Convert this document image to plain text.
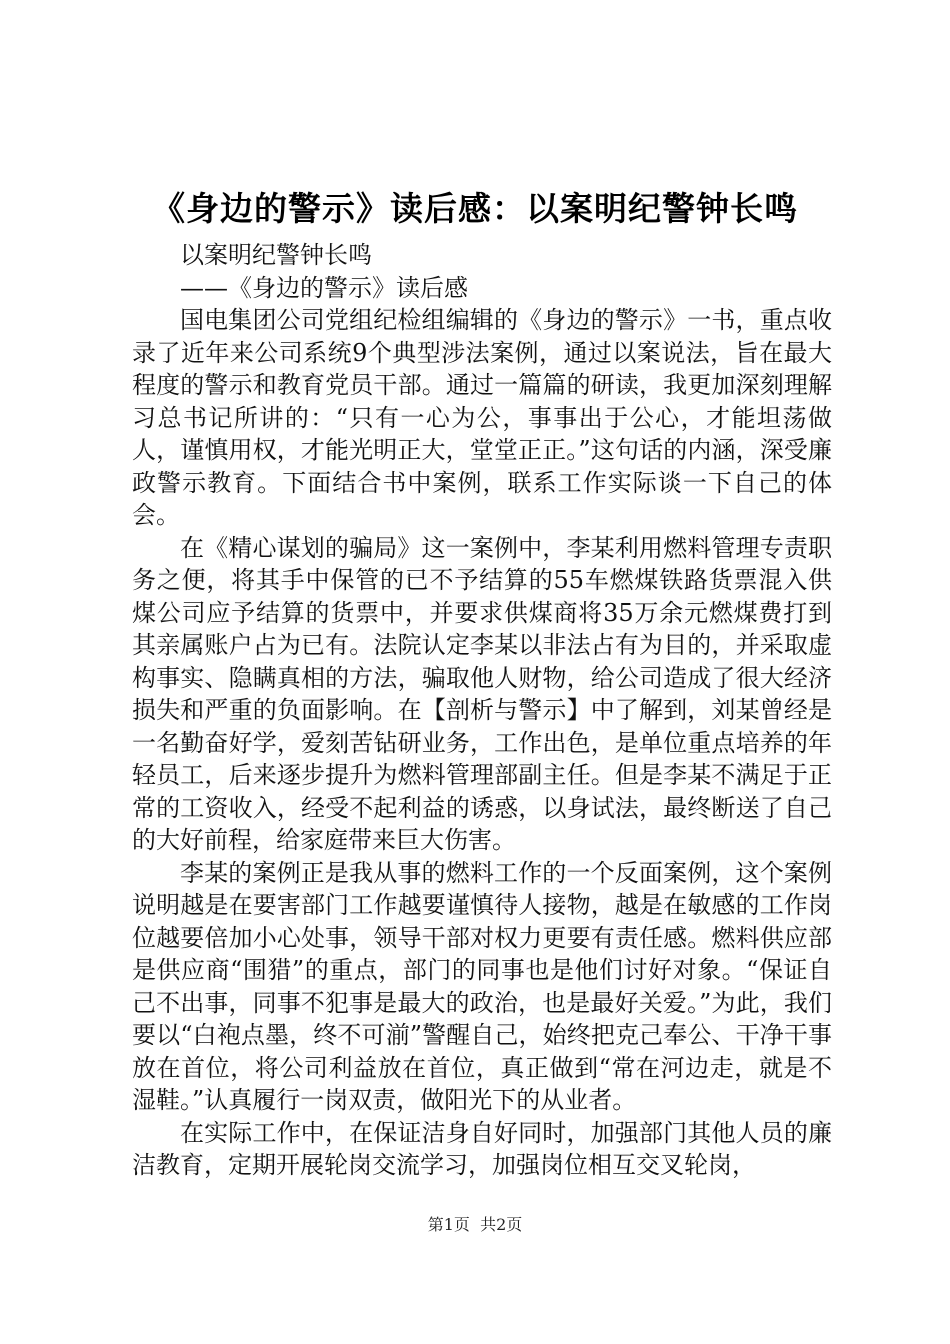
《身边的警示》读后感：以案明纪警钟长鸣

以案明纪警钟长鸣

——《身边的警示》读后感

国电集团公司党组纪检组编辑的《身边的警示》一书，重点收录了近年来公司系统9个典型涉法案例，通过以案说法，旨在最大程度的警示和教育党员干部。通过一篇篇的研读，我更加深刻理解习总书记所讲的：“只有一心为公，事事出于公心，才能坦荡做人，谨慎用权，才能光明正大，堂堂正正。”这句话的内涵，深受廉政警示教育。下面结合书中案例，联系工作实际谈一下自己的体会。

在《精心谋划的骗局》这一案例中，李某利用燃料管理专责职务之便，将其手中保管的已不予结算的55车燃煤铁路货票混入供煤公司应予结算的货票中，并要求供煤商将35万余元燃煤费打到其亲属账户占为已有。法院认定李某以非法占有为目的，并采取虚构事实、隐瞒真相的方法，骗取他人财物，给公司造成了很大经济损失和严重的负面影响。在【剖析与警示】中了解到，刘某曾经是一名勤奋好学，爱刻苦钻研业务，工作出色，是单位重点培养的年轻员工，后来逐步提升为燃料管理部副主任。但是李某不满足于正常的工资收入，经受不起利益的诱惑，以身试法，最终断送了自己的大好前程，给家庭带来巨大伤害。

李某的案例正是我从事的燃料工作的一个反面案例，这个案例说明越是在要害部门工作越要谨慎待人接物，越是在敏感的工作岗位越要倍加小心处事，领导干部对权力更要有责任感。燃料供应部是供应商“围猎”的重点，部门的同事也是他们讨好对象。“保证自己不出事，同事不犯事是最大的政治，也是最好关爱。”为此，我们要以“白袍点墨，终不可湔”警醒自己，始终把克己奉公、干净干事放在首位，将公司利益放在首位，真正做到“常在河边走，就是不湿鞋。”认真履行一岗双责，做阳光下的从业者。

在实际工作中，在保证洁身自好同时，加强部门其他人员的廉洁教育，定期开展轮岗交流学习，加强岗位相互交叉轮岗，

第1页  共2页
